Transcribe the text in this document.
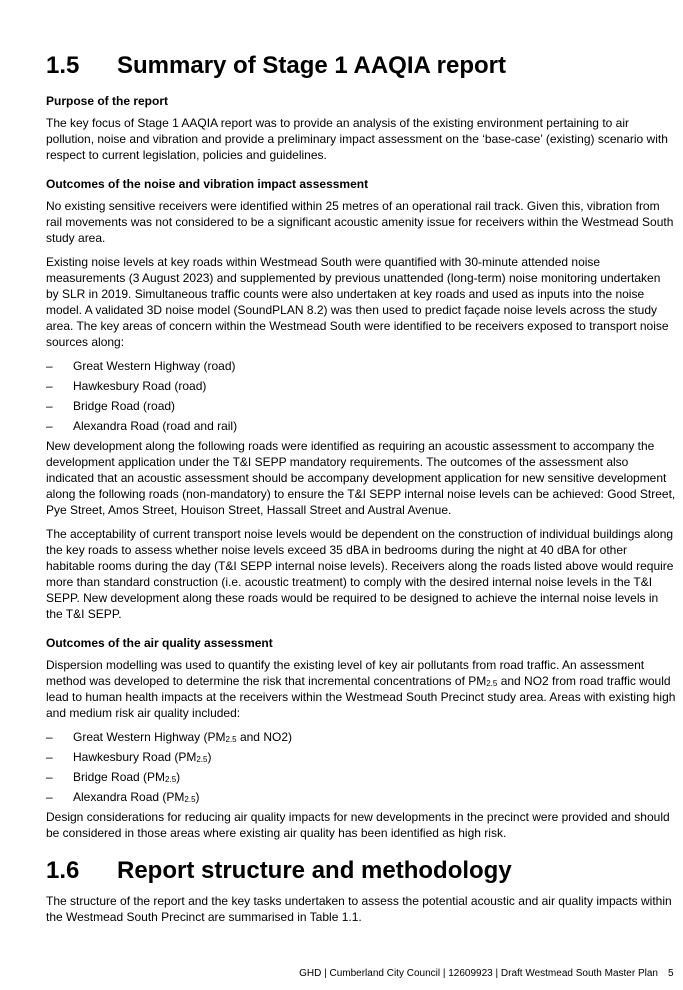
1.5 Summary of Stage 1 AAQIA report
Purpose of the report

The key focus of Stage 1 AAQIA report was to provide an analysis of the existing environment pertaining to air pollution, noise and vibration and provide a preliminary impact assessment on the ‘base-case’ (existing) scenario with respect to current legislation, policies and guidelines.

Outcomes of the noise and vibration impact assessment

No existing sensitive receivers were identified within 25 metres of an operational rail track. Given this, vibration from rail movements was not considered to be a significant acoustic amenity issue for receivers within the Westmead South study area.

Existing noise levels at key roads within Westmead South were quantified with 30-minute attended noise measurements (3 August 2023) and supplemented by previous unattended (long-term) noise monitoring undertaken by SLR in 2019. Simultaneous traffic counts were also undertaken at key roads and used as inputs into the noise model. A validated 3D noise model (SoundPLAN 8.2) was then used to predict façade noise levels across the study area. The key areas of concern within the Westmead South were identified to be receivers exposed to transport noise sources along:

– Great Western Highway (road)
– Hawkesbury Road (road)
– Bridge Road (road)
– Alexandra Road (road and rail)

New development along the following roads were identified as requiring an acoustic assessment to accompany the development application under the T&I SEPP mandatory requirements. The outcomes of the assessment also indicated that an acoustic assessment should be accompany development application for new sensitive development along the following roads (non-mandatory) to ensure the T&I SEPP internal noise levels can be achieved: Good Street, Pye Street, Amos Street, Houison Street, Hassall Street and Austral Avenue.

The acceptability of current transport noise levels would be dependent on the construction of individual buildings along the key roads to assess whether noise levels exceed 35 dBA in bedrooms during the night at 40 dBA for other habitable rooms during the day (T&I SEPP internal noise levels). Receivers along the roads listed above would require more than standard construction (i.e. acoustic treatment) to comply with the desired internal noise levels in the T&I SEPP. New development along these roads would be required to be designed to achieve the internal noise levels in the T&I SEPP.

Outcomes of the air quality assessment

Dispersion modelling was used to quantify the existing level of key air pollutants from road traffic. An assessment method was developed to determine the risk that incremental concentrations of $PM_{2.5}$ and NO2 from road traffic would lead to human health impacts at the receivers within the Westmead South Precinct study area. Areas with existing high and medium risk air quality included:

– Great Western Highway ($PM_{2.5}$ and NO2)
– Hawkesbury Road $(PM_{2.5})$
– Bridge Road $(PM_{2.5})$
– Alexandra Road $(PM_{2.5})$

Design considerations for reducing air quality impacts for new developments in the precinct were provided and should be considered in those areas where existing air quality has been identified as high risk.

1.6 Report structure and methodology

The structure of the report and the key tasks undertaken to assess the potential acoustic and air quality impacts within the Westmead South Precinct are summarised in Table 1.1.

GHD | Cumberland City Council | 12609923 | Draft Westmead South Master Plan 5
